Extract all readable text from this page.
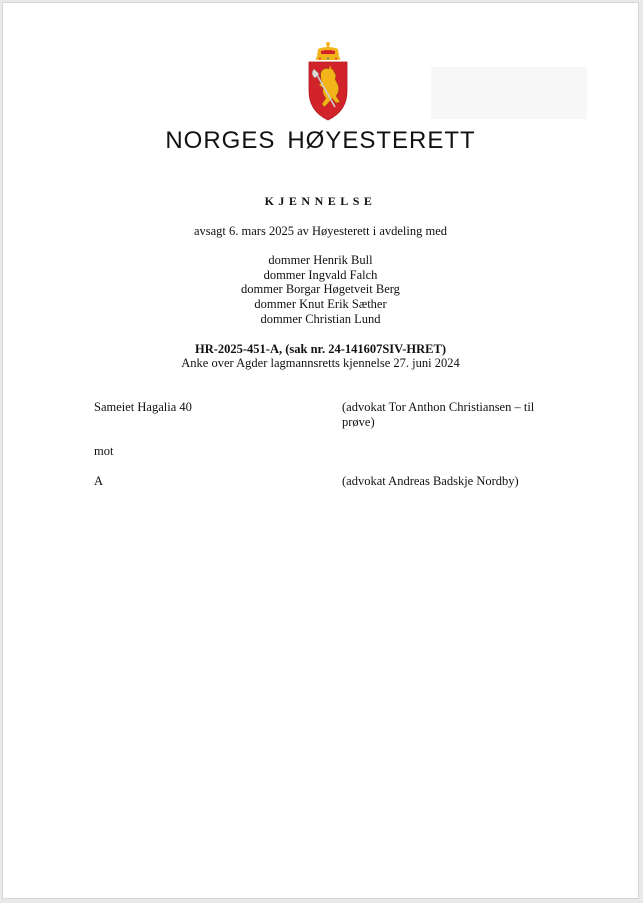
NORGES HØYESTERETT
KJENNELSE
avsagt 6. mars 2025 av Høyesterett i avdeling med
dommer Henrik Bull
dommer Ingvald Falch
dommer Borgar Høgetveit Berg
dommer Knut Erik Sæther
dommer Christian Lund
HR-2025-451-A, (sak nr. 24-141607SIV-HRET)
Anke over Agder lagmannsretts kjennelse 27. juni 2024
Sameiet Hagalia 40	(advokat Tor Anthon Christiansen – til prøve)
mot
A	(advokat Andreas Badskje Nordby)
